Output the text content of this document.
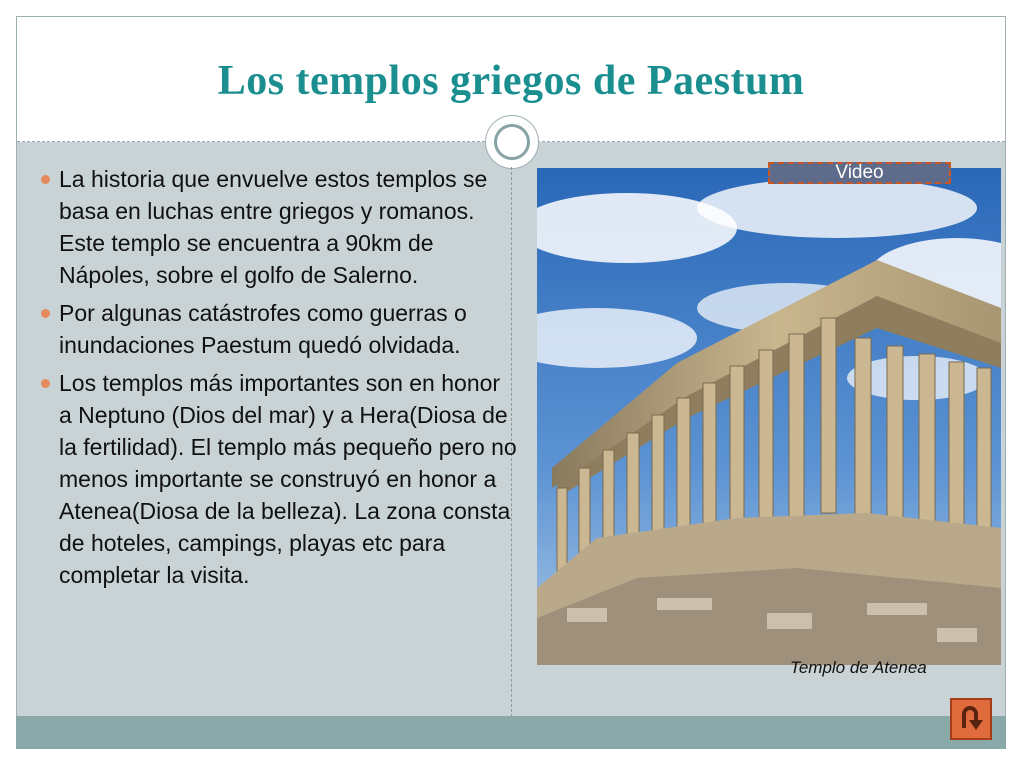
Los templos griegos de Paestum
La historia que envuelve estos templos se basa en luchas entre griegos y romanos. Este templo se encuentra a 90km de Nápoles, sobre el golfo de Salerno.
Por algunas catástrofes como guerras o inundaciones Paestum quedó olvidada.
Los templos más importantes son en honor a Neptuno (Dios del mar) y a Hera(Diosa de la fertilidad). El templo más pequeño pero no menos importante se construyó en honor a Atenea(Diosa de la belleza). La zona consta de hoteles, campings, playas etc para completar la visita.
Video
Templo de Atenea
